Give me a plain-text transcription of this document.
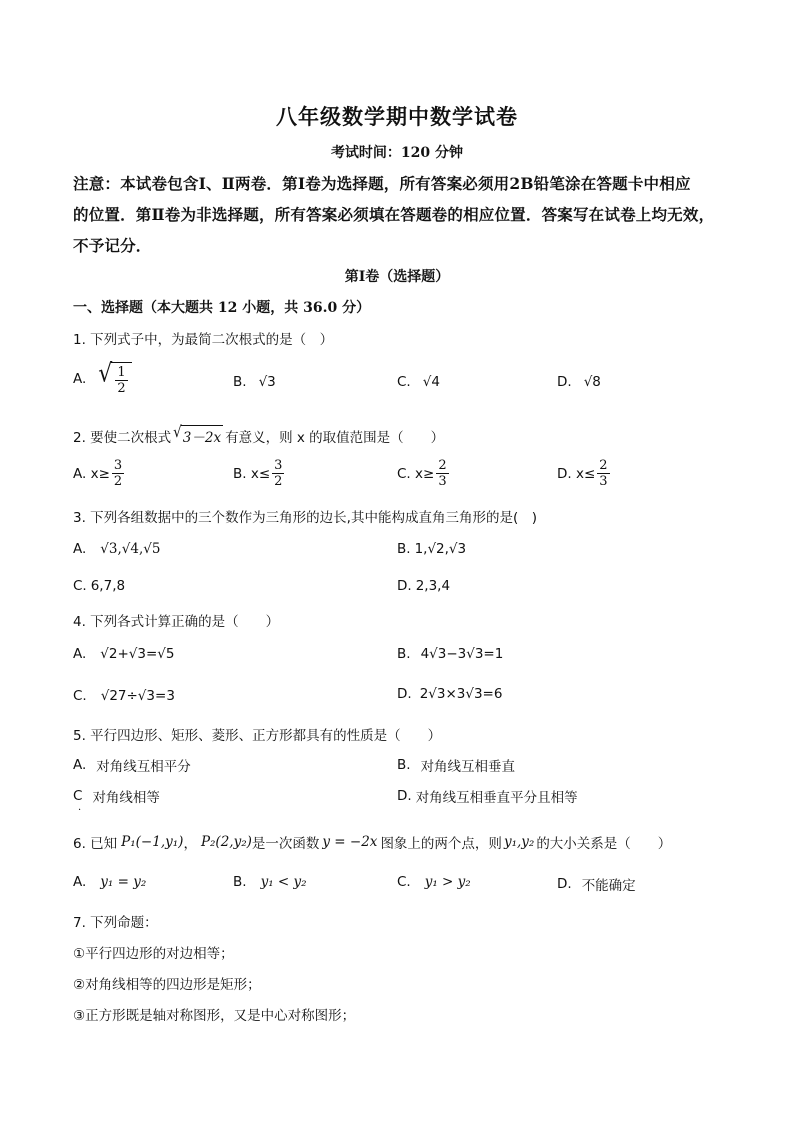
八年级数学期中数学试卷
考试时间：120 分钟
注意：本试卷包含Ⅰ、Ⅱ两卷．第Ⅰ卷为选择题，所有答案必须用2B铅笔涂在答题卡中相应
的位置．第Ⅱ卷为非选择题，所有答案必须填在答题卷的相应位置．答案写在试卷上均无效，
不予记分．
第Ⅰ卷（选择题）
一、选择题（本大题共 12 小题，共 36.0 分）
1. 下列式子中，为最简二次根式的是（　）
A. √ $\frac{1}{2}$	B. √3	C. √4	D. √8
2. 要使二次根式 √ 3－2x 有意义，则 x 的取值范围是（　　）
A. $x\ge \frac{3}{2}$	B. $x\le \frac{3}{2}$	C. $x\ge \frac{2}{3}$	D. $x\le \frac{2}{3}$
3. 下列各组数据中的三个数作为三角形的边长,其中能构成直角三角形的是(　)
A. √3,√4,√5	B. 1,√2,√3
C. 6,7,8	D. 2,3,4
4. 下列各式计算正确的是（　　）
A. √2+√3=√5	B. 4√3−3√3=1
C. √27÷√3=3	D. 2√3×3√3=6
5. 平行四边形、矩形、菱形、正方形都具有的性质是（　　）
A. 对角线互相平分	B. 对角线互相垂直
C 对角线相等	D. 对角线互相垂直平分且相等
·
6. 已知 P₁(−1,y₁) ， P₂(2,y₂) 是一次函数 y = −2x 图象上的两个点，则 y₁,y₂ 的大小关系是（　　）
A. y₁ = y₂	B. y₁ < y₂	C. y₁ > y₂	D. 不能确定
7. 下列命题：
①平行四边形的对边相等；
②对角线相等的四边形是矩形；
③正方形既是轴对称图形，又是中心对称图形；
